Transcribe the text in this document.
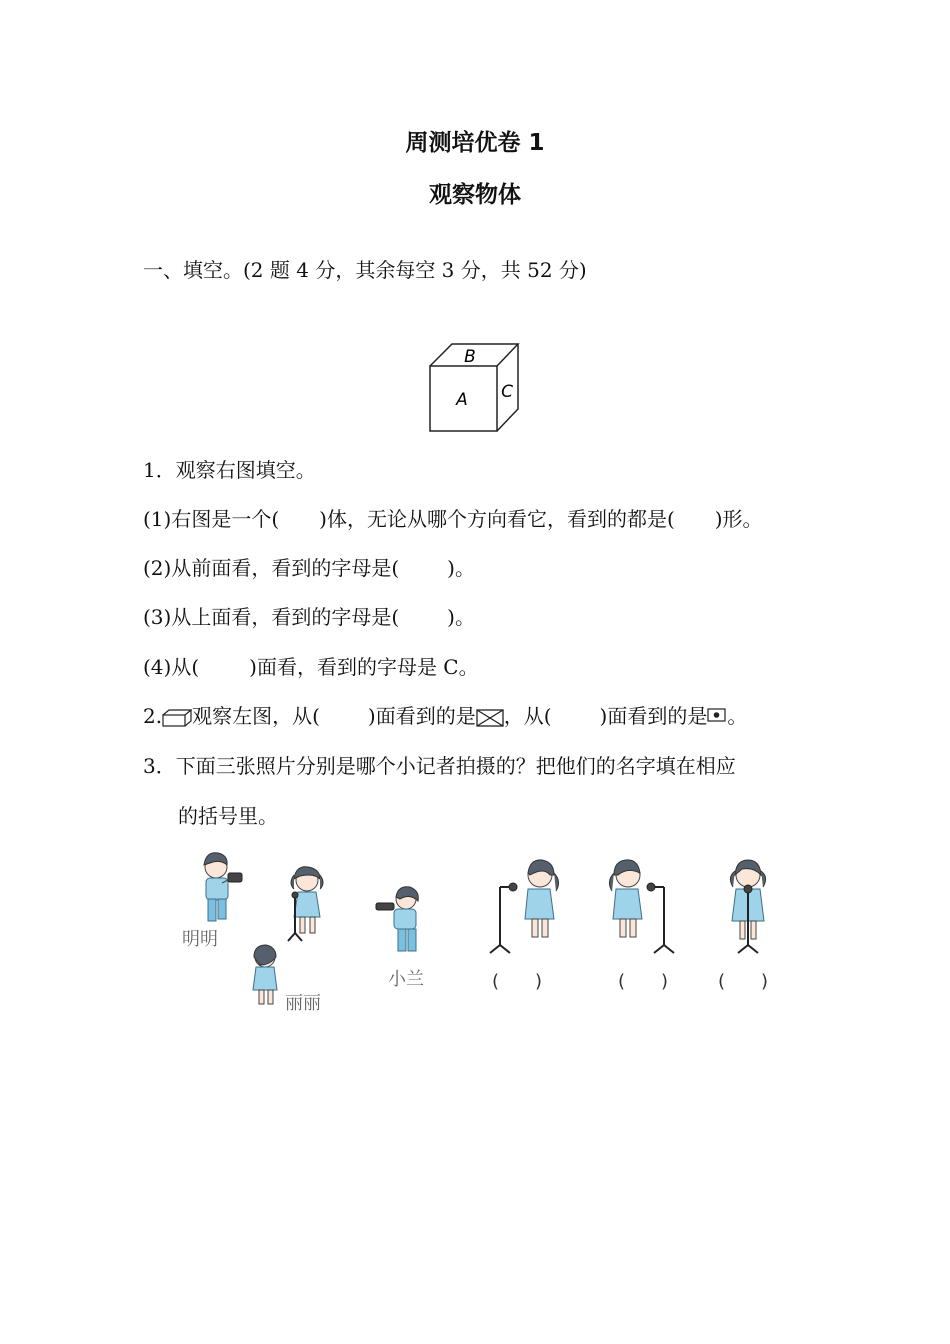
周测培优卷 1
观察物体
一、填空。(2 题 4 分，其余每空 3 分，共 52 分)
B
A C
1．观察右图填空。
(1)右图是一个( )体，无论从哪个方向看它，看到的都是( )形。
(2)从前面看，看到的字母是( )。
(3)从上面看，看到的字母是( )。
(4)从(	)面看，看到的字母是 C。
2. 观察左图，从( )面看到的是 ，从( )面看到的是 。
3．下面三张照片分别是哪个小记者拍摄的？把他们的名字填在相应
的括号里。
明明
丽丽
小兰	(　　)	(　　)	(　　)
